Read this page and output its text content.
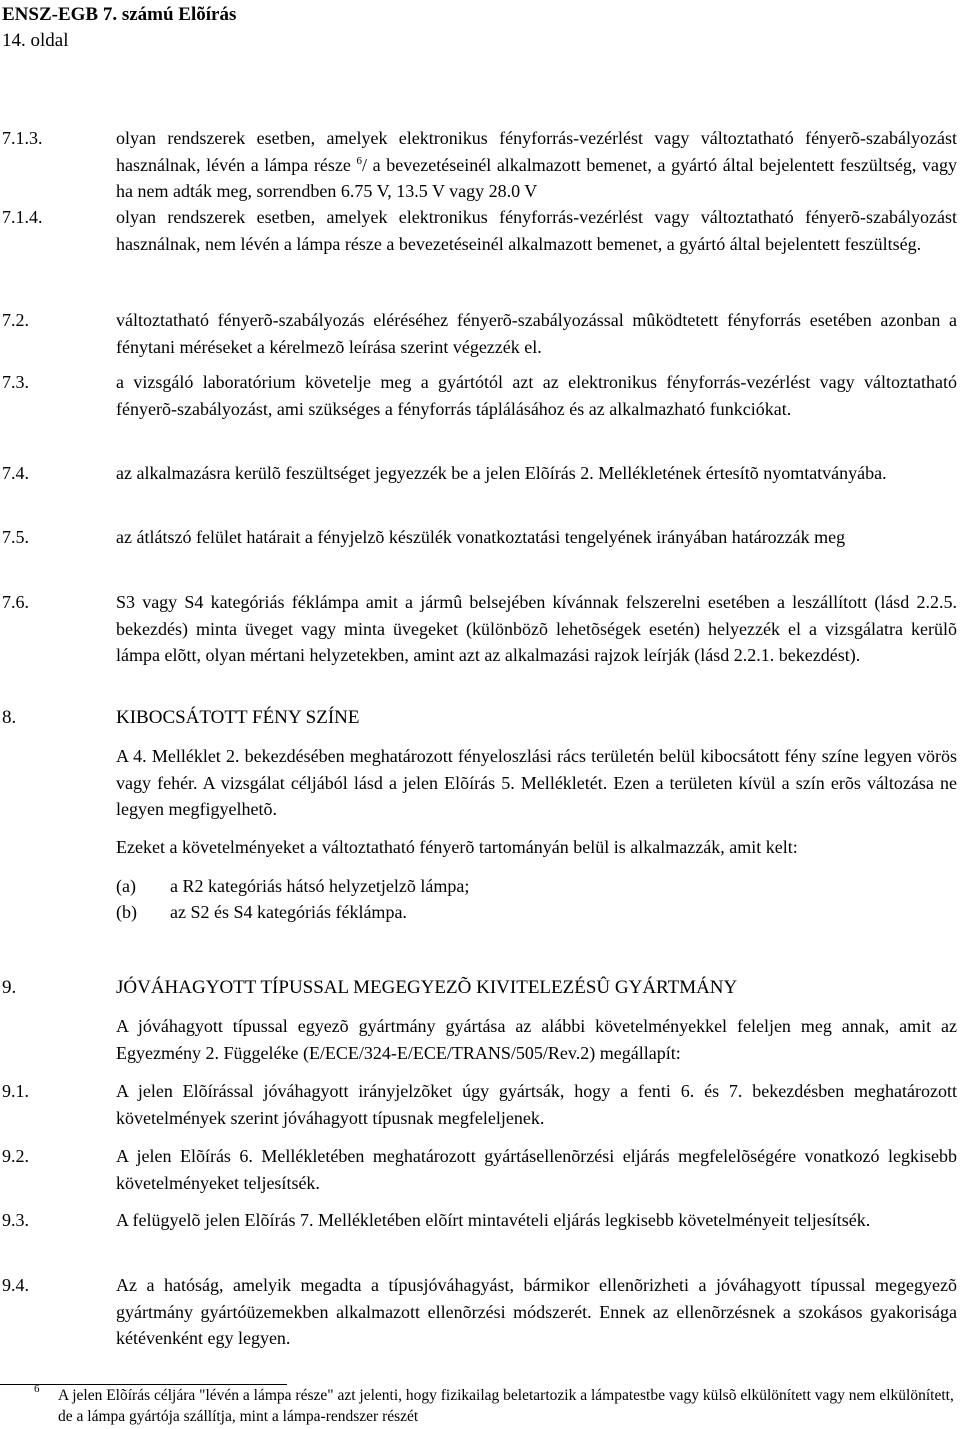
ENSZ-EGB 7. számú Elõírás
14. oldal
7.1.3.	olyan rendszerek esetben, amelyek elektronikus fényforrás-vezérlést vagy változtatható fényerõ-szabályozást használnak, lévén a lámpa része $^6$/ a bevezetéseinél alkalmazott bemenet, a gyártó által bejelentett feszültség, vagy ha nem adták meg, sorrendben 6.75 V, 13.5 V vagy 28.0 V
7.1.4.	olyan rendszerek esetben, amelyek elektronikus fényforrás-vezérlést vagy változtatható fényerõ-szabályozást használnak, nem lévén a lámpa része a bevezetéseinél alkalmazott bemenet, a gyártó által bejelentett feszültség.
7.2.	változtatható fényerõ-szabályozás eléréséhez fényerõ-szabályozással mûködtetett fényforrás esetében azonban a fénytani méréseket a kérelmezõ leírása szerint végezzék el.
7.3.	a vizsgáló laboratórium követelje meg a gyártótól azt az elektronikus fényforrás-vezérlést vagy változtatható fényerõ-szabályozást, ami szükséges a fényforrás táplálásához és az alkalmazható funkciókat.
7.4.	az alkalmazásra kerülõ feszültséget jegyezzék be a jelen Elõírás 2. Mellékletének értesítõ nyomtatványába.
7.5.	az átlátszó felület határait a fényjelzõ készülék vonatkoztatási tengelyének irányában határozzák meg
7.6.	S3 vagy S4 kategóriás féklámpa amit a jármû belsejében kívánnak felszerelni esetében a leszállított (lásd 2.2.5. bekezdés) minta üveget vagy minta üvegeket (különbözõ lehetõségek esetén) helyezzék el a vizsgálatra kerülõ lámpa elõtt, olyan mértani helyzetekben, amint azt az alkalmazási rajzok leírják (lásd 2.2.1. bekezdést).
8.	KIBOCSÁTOTT FÉNY SZÍNE
A 4. Melléklet 2. bekezdésében meghatározott fényeloszlási rács területén belül kibocsátott fény színe legyen vörös vagy fehér. A vizsgálat céljából lásd a jelen Elõírás 5. Mellékletét. Ezen a területen kívül a szín erõs változása ne legyen megfigyelhetõ.
Ezeket a követelményeket a változtatható fényerõ tartományán belül is alkalmazzák, amit kelt:
(a) a R2 kategóriás hátsó helyzetjelzõ lámpa;
(b) az S2 és S4 kategóriás féklámpa.
9.	JÓVÁHAGYOTT TÍPUSSAL MEGEGYEZÕ KIVITELEZÉSÛ GYÁRTMÁNY
A jóváhagyott típussal egyezõ gyártmány gyártása az alábbi követelményekkel feleljen meg annak, amit az Egyezmény 2. Függeléke (E/ECE/324-E/ECE/TRANS/505/Rev.2) megállapít:
9.1.	A jelen Elõírással jóváhagyott irányjelzõket úgy gyártsák, hogy a fenti 6. és 7. bekezdésben meghatározott követelmények szerint jóváhagyott típusnak megfeleljenek.
9.2.	A jelen Elõírás 6. Mellékletében meghatározott gyártásellenõrzési eljárás megfelelõségére vonatkozó legkisebb követelményeket teljesítsék.
9.3.	A felügyelõ jelen Elõírás 7. Mellékletében elõírt mintavételi eljárás legkisebb követelményeit teljesítsék.
9.4.	Az a hatóság, amelyik megadta a típusjóváhagyást, bármikor ellenõrizheti a jóváhagyott típussal megegyezõ gyártmány gyártóüzemekben alkalmazott ellenõrzési módszerét. Ennek az ellenõrzésnek a szokásos gyakorisága kétévenként egy legyen.
6 A jelen Elõírás céljára "lévén a lámpa része" azt jelenti, hogy fizikailag beletartozik a lámpatestbe vagy külsõ elkülönített vagy nem elkülönített, de a lámpa gyártója szállítja, mint a lámpa-rendszer részét
